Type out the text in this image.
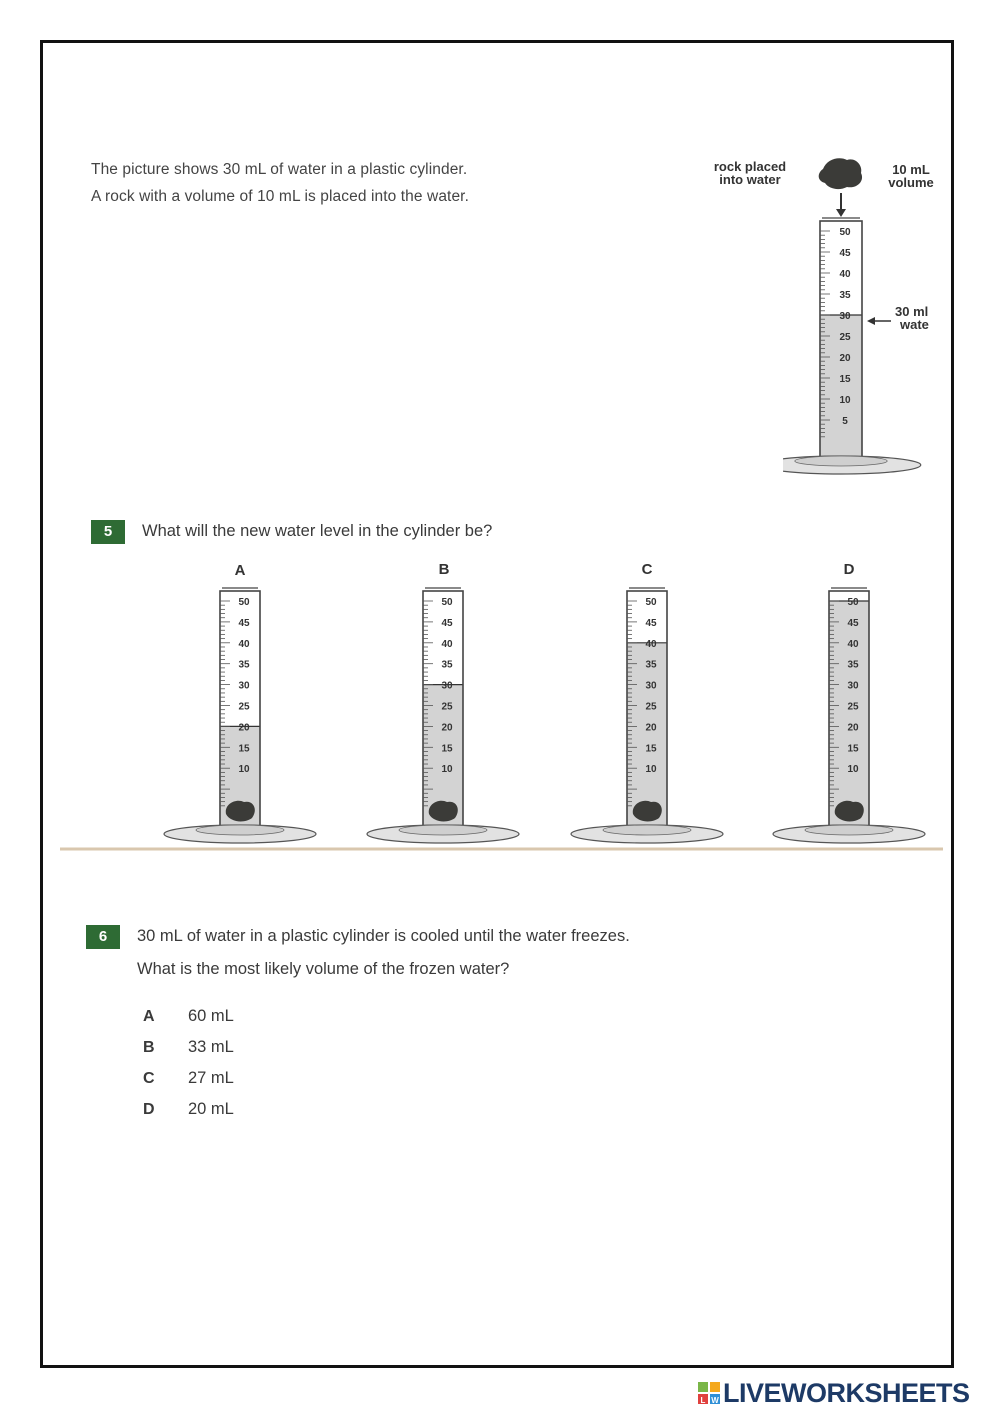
The picture shows 30 mL of water in a plastic cylinder.
A rock with a volume of 10 mL is placed into the water.
rock placed
into water
10 mL
volume
30 ml
wate
50
45
40
35
30
25
20
15
10
5
5	What will the new water level in the cylinder be?
A	B	C	D
50
45
40
35
30
25
20
15
10
50
45
40
35
30
25
20
15
10
50
45
40
35
30
25
20
15
10
50
45
40
35
30
25
20
15
10
6	30 mL of water in a plastic cylinder is cooled until the water freezes.
What is the most likely volume of the frozen water?
A	60 mL
B	33 mL
C	27 mL
D	20 mL
L W LIVEWORKSHEETS
